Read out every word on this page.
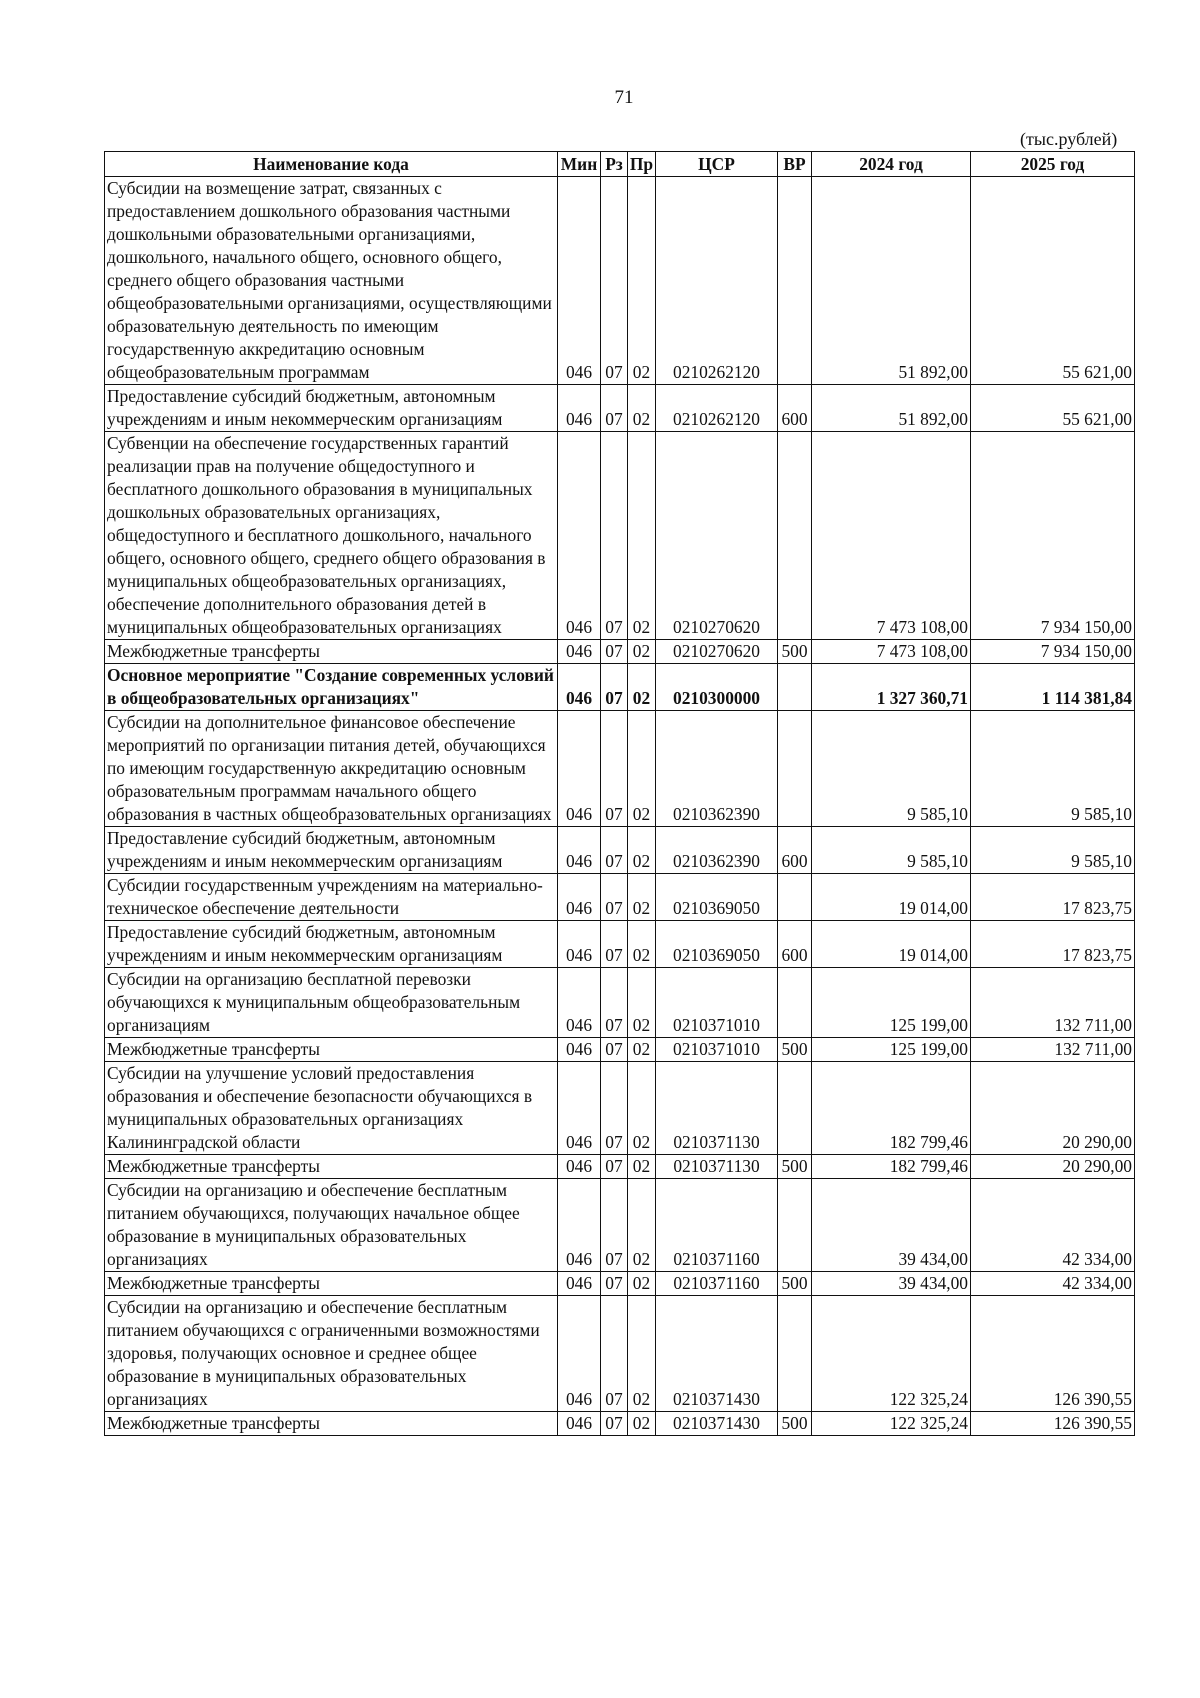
71
(тыс.рублей)
Наименование кода	Мин	Рз	Пр	ЦСР	ВР	2024 год	2025 год
Субсидии на возмещение затрат, связанных с предоставлением дошкольного образования частными дошкольными образовательными организациями, дошкольного, начального общего, основного общего, среднего общего образования частными общеобразовательными организациями, осуществляющими образовательную деятельность по имеющим государственную аккредитацию основным общеобразовательным программам	046	07	02	0210262120		51 892,00	55 621,00
Предоставление субсидий бюджетным, автономным учреждениям и иным некоммерческим организациям	046	07	02	0210262120	600	51 892,00	55 621,00
Субвенции на обеспечение государственных гарантий реализации прав на получение общедоступного и бесплатного дошкольного образования в муниципальных дошкольных образовательных организациях, общедоступного и бесплатного дошкольного, начального общего, основного общего, среднего общего образования в муниципальных общеобразовательных организациях, обеспечение дополнительного образования детей в муниципальных общеобразовательных организациях	046	07	02	0210270620		7 473 108,00	7 934 150,00
Межбюджетные трансферты	046	07	02	0210270620	500	7 473 108,00	7 934 150,00
Основное мероприятие "Создание современных условий в общеобразовательных организациях"	046	07	02	0210300000		1 327 360,71	1 114 381,84
Субсидии на дополнительное финансовое обеспечение мероприятий по организации питания детей, обучающихся по имеющим государственную аккредитацию основным образовательным программам начального общего образования в частных общеобразовательных организациях	046	07	02	0210362390		9 585,10	9 585,10
Предоставление субсидий бюджетным, автономным учреждениям и иным некоммерческим организациям	046	07	02	0210362390	600	9 585,10	9 585,10
Субсидии государственным учреждениям на материально-техническое обеспечение деятельности	046	07	02	0210369050		19 014,00	17 823,75
Предоставление субсидий бюджетным, автономным учреждениям и иным некоммерческим организациям	046	07	02	0210369050	600	19 014,00	17 823,75
Субсидии на организацию бесплатной перевозки обучающихся к муниципальным общеобразовательным организациям	046	07	02	0210371010		125 199,00	132 711,00
Межбюджетные трансферты	046	07	02	0210371010	500	125 199,00	132 711,00
Субсидии на улучшение условий предоставления образования и обеспечение безопасности обучающихся в муниципальных образовательных организациях Калининградской области	046	07	02	0210371130		182 799,46	20 290,00
Межбюджетные трансферты	046	07	02	0210371130	500	182 799,46	20 290,00
Субсидии на организацию и обеспечение бесплатным питанием обучающихся, получающих начальное общее образование в муниципальных образовательных организациях	046	07	02	0210371160		39 434,00	42 334,00
Межбюджетные трансферты	046	07	02	0210371160	500	39 434,00	42 334,00
Субсидии на организацию и обеспечение бесплатным питанием обучающихся с ограниченными возможностями здоровья, получающих основное и среднее общее образование в муниципальных образовательных организациях	046	07	02	0210371430		122 325,24	126 390,55
Межбюджетные трансферты	046	07	02	0210371430	500	122 325,24	126 390,55
